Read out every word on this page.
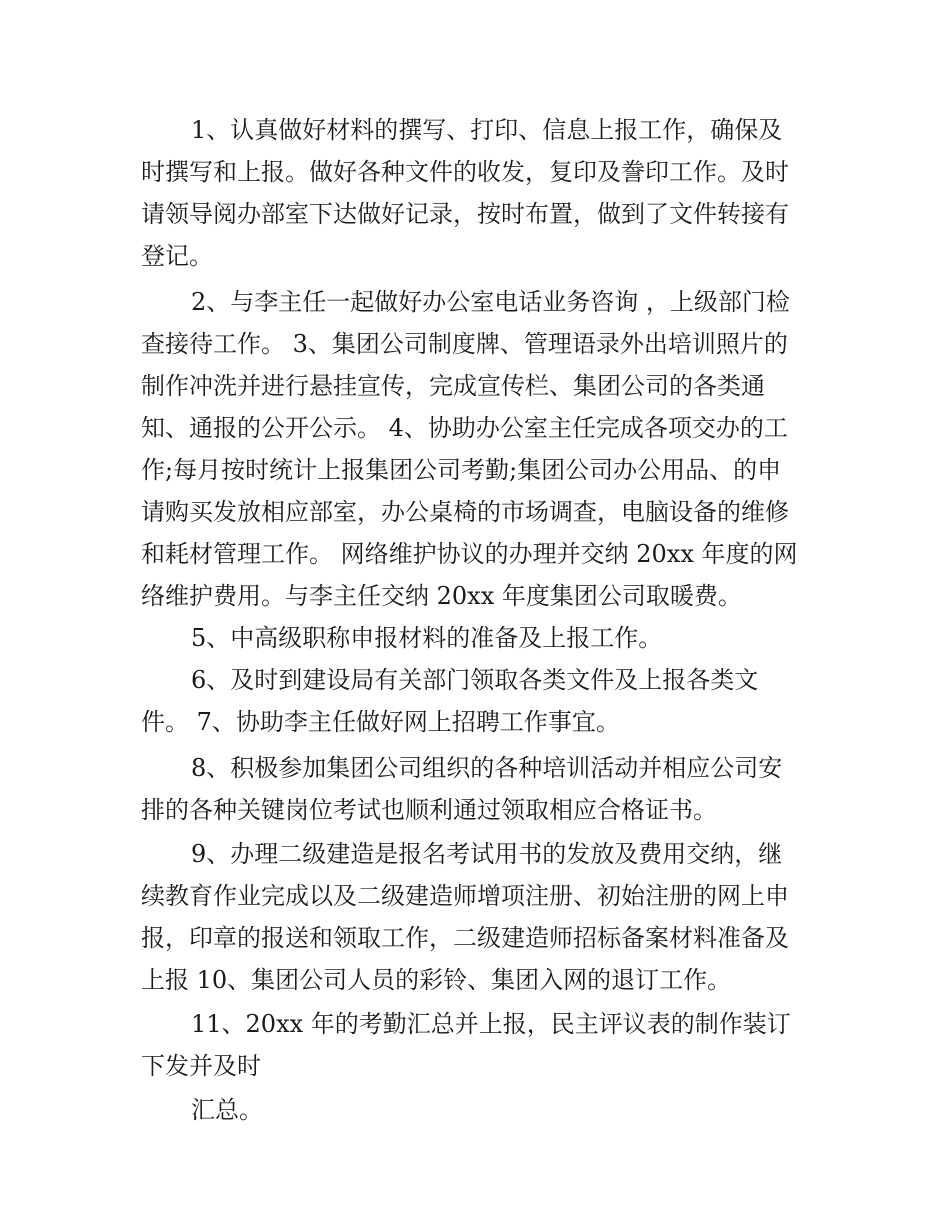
1、认真做好材料的撰写、打印、信息上报工作，确保及

时撰写和上报。做好各种文件的收发，复印及誊印工作。及时

请领导阅办部室下达做好记录，按时布置，做到了文件转接有

登记。

2、与李主任一起做好办公室电话业务咨询 ，上级部门检

查接待工作。 3、集团公司制度牌、管理语录外出培训照片的

制作冲洗并进行悬挂宣传，完成宣传栏、集团公司的各类通

知、通报的公开公示。 4、协助办公室主任完成各项交办的工

作;每月按时统计上报集团公司考勤;集团公司办公用品、的申

请购买发放相应部室，办公桌椅的市场调查，电脑设备的维修

和耗材管理工作。 网络维护协议的办理并交纳 20xx 年度的网

络维护费用。与李主任交纳 20xx 年度集团公司取暖费。

5、中高级职称申报材料的准备及上报工作。

6、及时到建设局有关部门领取各类文件及上报各类文

件。 7、协助李主任做好网上招聘工作事宜。

8、积极参加集团公司组织的各种培训活动并相应公司安

排的各种关键岗位考试也顺利通过领取相应合格证书。

9、办理二级建造是报名考试用书的发放及费用交纳，继

续教育作业完成以及二级建造师增项注册、初始注册的网上申

报，印章的报送和领取工作，二级建造师招标备案材料准备及

上报 10、集团公司人员的彩铃、集团入网的退订工作。

11、20xx 年的考勤汇总并上报，民主评议表的制作装订

下发并及时

汇总。
